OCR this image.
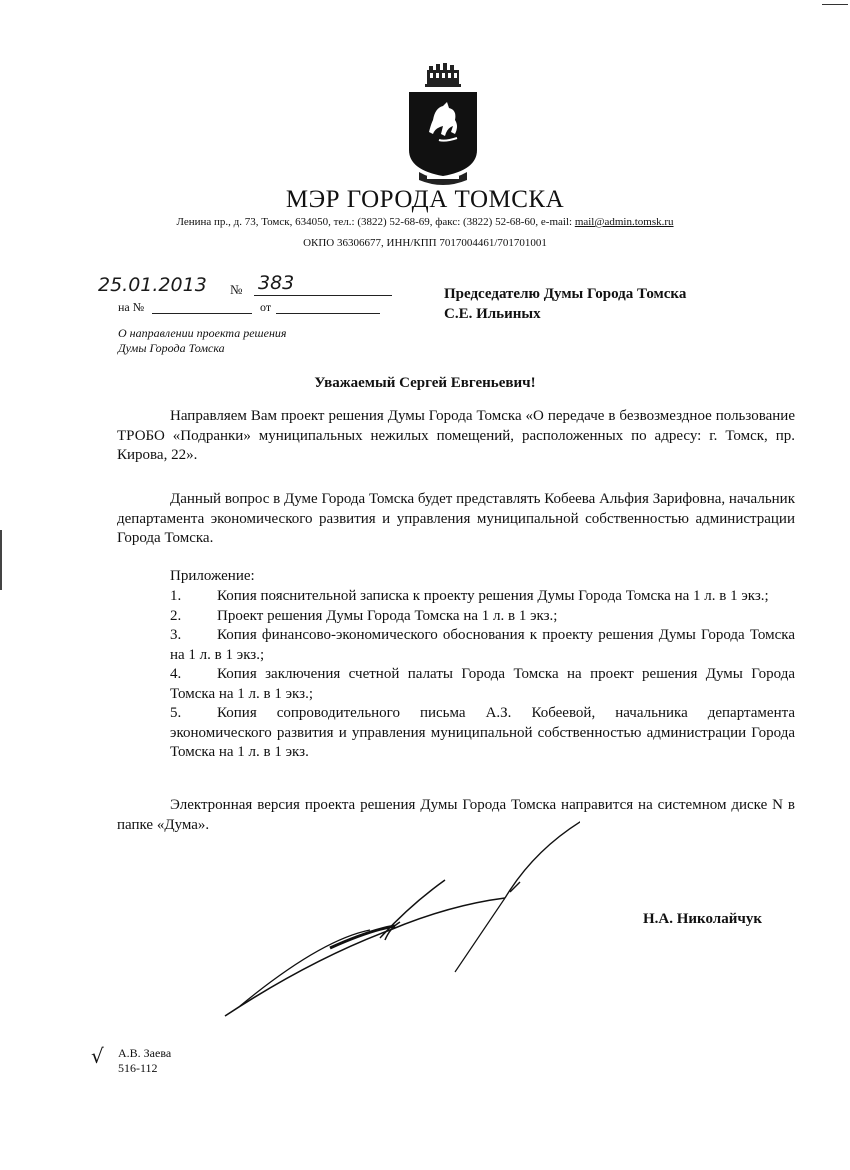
МЭР ГОРОДА ТОМСКА
Ленина пр., д. 73, Томск, 634050, тел.: (3822) 52-68-69, факс: (3822) 52-68-60, e-mail: mail@admin.tomsk.ru
ОКПО 36306677, ИНН/КПП 7017004461/701701001
25.01.2013 № 383
на №	от
Председателю Думы Города Томска
С.Е. Ильиных
О направлении проекта решения
Думы Города Томска
Уважаемый Сергей Евгеньевич!
Направляем Вам проект решения Думы Города Томска «О передаче в безвозмездное пользование ТРОБО «Подранки» муниципальных нежилых помещений, расположенных по адресу: г. Томск, пр. Кирова, 22».
Данный вопрос в Думе Города Томска будет представлять Кобеева Альфия Зарифовна, начальник департамента экономического развития и управления муниципальной собственностью администрации Города Томска.
Приложение:
1. Копия пояснительной записка к проекту решения Думы Города Томска на 1 л. в 1 экз.;
2. Проект решения Думы Города Томска на 1 л. в 1 экз.;
3. Копия финансово-экономического обоснования к проекту решения Думы Города Томска на 1 л. в 1 экз.;
4. Копия заключения счетной палаты Города Томска на проект решения Думы Города Томска на 1 л. в 1 экз.;
5. Копия сопроводительного письма А.З. Кобеевой, начальника департамента экономического развития и управления муниципальной собственностью администрации Города Томска на 1 л. в 1 экз.
Электронная версия проекта решения Думы Города Томска направится на системном диске N в папке «Дума».
Н.А. Николайчук
√ А.В. Заева
516-112
